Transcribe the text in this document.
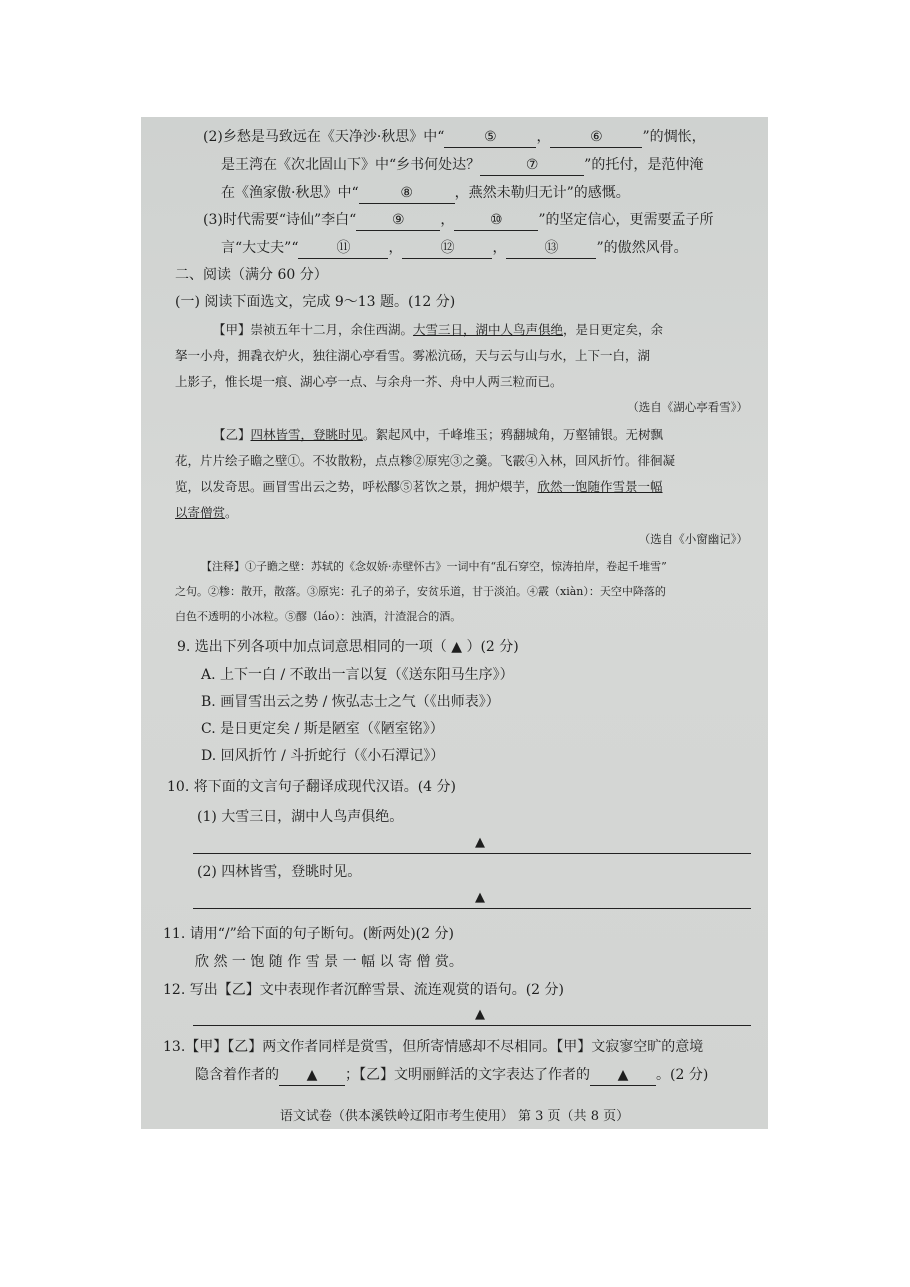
(2)乡愁是马致远在《天净沙·秋思》中“	⑤	，	⑥	”的惆怅，
是王湾在《次北固山下》中“乡书何处达？	⑦	”的托付，是范仲淹
在《渔家傲·秋思》中“	⑧	，燕然未勒归无计”的感慨。
(3)时代需要“诗仙”李白“	⑨	，	⑩	”的坚定信心，更需要孟子所
言“大丈夫”“	⑪	，	⑫	，	⑬	”的傲然风骨。
二、阅读（满分 60 分）
(一) 阅读下面选文，完成 9～13 题。(12 分)
【甲】崇祯五年十二月，余住西湖。大雪三日，湖中人鸟声俱绝，是日更定矣，余
拏一小舟，拥毳衣炉火，独往湖心亭看雪。雾凇沆砀，天与云与山与水，上下一白，湖
上影子，惟长堤一痕、湖心亭一点、与余舟一芥、舟中人两三粒而已。
（选自《湖心亭看雪》）
【乙】四林皆雪，登眺时见。絮起风中，千峰堆玉；鸦翻城角，万壑铺银。无树飘
花，片片绘子瞻之壁①。不妆散粉，点点糁②原宪③之羹。飞霰④入林，回风折竹。徘徊凝
览，以发奇思。画冒雪出云之势，呼松醪⑤茗饮之景，拥炉煨芋，欣然一饱随作雪景一幅
以寄僧赏。
（选自《小窗幽记》）
【注释】①子瞻之壁：苏轼的《念奴娇·赤壁怀古》一词中有“乱石穿空，惊涛拍岸，卷起千堆雪”
之句。②糁：散开，散落。③原宪：孔子的弟子，安贫乐道，甘于淡泊。④霰（xiàn）：天空中降落的
白色不透明的小冰粒。⑤醪（láo）：浊酒，汁渣混合的酒。
9. 选出下列各项中加点词意思相同的一项（ ▲ ）(2 分)
A. 上下一白 / 不敢出一言以复（《送东阳马生序》）
B. 画冒雪出云之势 / 恢弘志士之气（《出师表》）
C. 是日更定矣 / 斯是陋室（《陋室铭》）
D. 回风折竹 / 斗折蛇行（《小石潭记》）
10. 将下面的文言句子翻译成现代汉语。(4 分)
(1) 大雪三日，湖中人鸟声俱绝。
▲
(2) 四林皆雪，登眺时见。
▲
11. 请用“/”给下面的句子断句。(断两处)(2 分)
欣 然 一 饱 随 作 雪 景 一 幅 以 寄 僧 赏。
12. 写出【乙】文中表现作者沉醉雪景、流连观赏的语句。(2 分)
▲
13.【甲】【乙】两文作者同样是赏雪，但所寄情感却不尽相同。【甲】文寂寥空旷的意境
隐含着作者的 ▲ ；【乙】文明丽鲜活的文字表达了作者的 ▲ 。(2 分)
语文试卷（供本溪铁岭辽阳市考生使用） 第 3 页（共 8 页）
